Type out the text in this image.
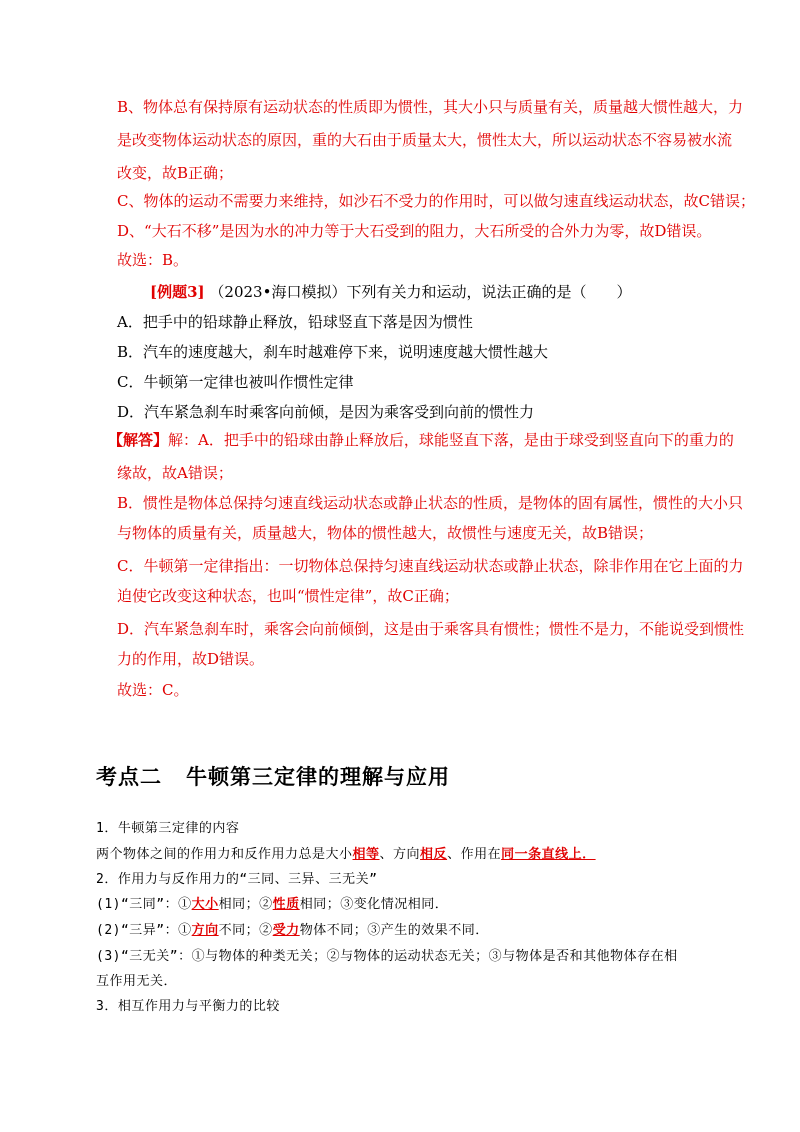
B、物体总有保持原有运动状态的性质即为惯性，其大小只与质量有关，质量越大惯性越大，力
是改变物体运动状态的原因，重的大石由于质量太大，惯性太大，所以运动状态不容易被水流
改变，故B正确；
C、物体的运动不需要力来维持，如沙石不受力的作用时，可以做匀速直线运动状态，故C错误；
D、“大石不移”是因为水的冲力等于大石受到的阻力，大石所受的合外力为零，故D错误。
故选：B。
[例题3] （2023•海口模拟）下列有关力和运动，说法正确的是（　　）
A．把手中的铅球静止释放，铅球竖直下落是因为惯性
B．汽车的速度越大，刹车时越难停下来，说明速度越大惯性越大
C．牛顿第一定律也被叫作惯性定律
D．汽车紧急刹车时乘客向前倾，是因为乘客受到向前的惯性力
【解答】解：A．把手中的铅球由静止释放后，球能竖直下落，是由于球受到竖直向下的重力的
缘故，故A错误；
B．惯性是物体总保持匀速直线运动状态或静止状态的性质，是物体的固有属性，惯性的大小只
与物体的质量有关，质量越大，物体的惯性越大，故惯性与速度无关，故B错误；
C．牛顿第一定律指出：一切物体总保持匀速直线运动状态或静止状态，除非作用在它上面的力
迫使它改变这种状态，也叫“惯性定律”，故C正确；
D．汽车紧急刹车时，乘客会向前倾倒，这是由于乘客具有惯性；惯性不是力，不能说受到惯性
力的作用，故D错误。
故选：C。
考点二 牛顿第三定律的理解与应用
1．牛顿第三定律的内容
两个物体之间的作用力和反作用力总是大小相等、方向相反、作用在同一条直线上．
2．作用力与反作用力的“三同、三异、三无关”
(1)“三同”：①大小相同；②性质相同；③变化情况相同．
(2)“三异”：①方向不同；②受力物体不同；③产生的效果不同．
(3)“三无关”：①与物体的种类无关；②与物体的运动状态无关；③与物体是否和其他物体存在相
互作用无关．
3．相互作用力与平衡力的比较
